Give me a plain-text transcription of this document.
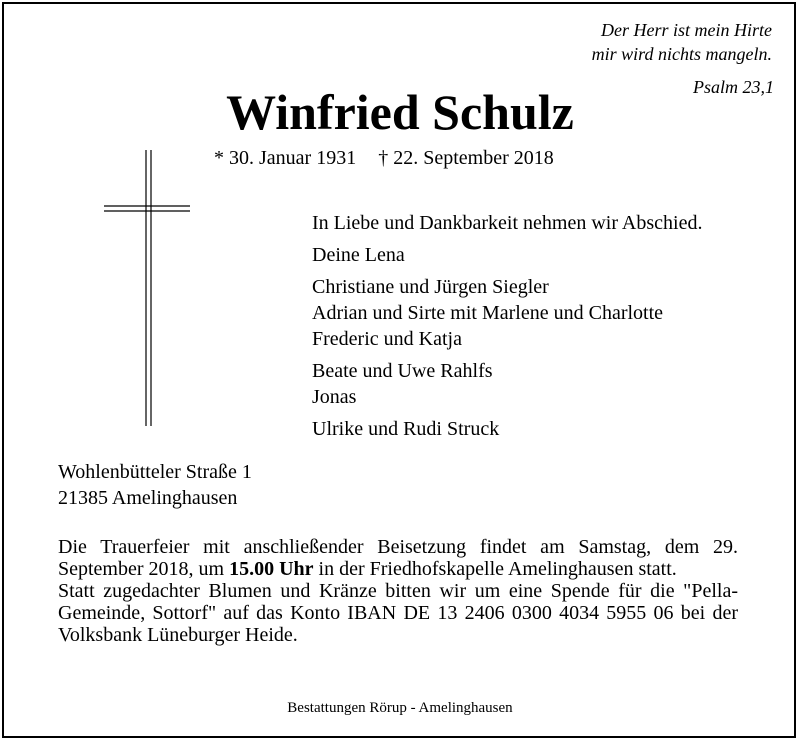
Der Herr ist mein Hirte
mir wird nichts mangeln.
Psalm 23,1
Winfried Schulz
* 30. Januar 1931 † 22. September 2018
In Liebe und Dankbarkeit nehmen wir Abschied.
Deine Lena
Christiane und Jürgen Siegler
Adrian und Sirte mit Marlene und Charlotte
Frederic und Katja
Beate und Uwe Rahlfs
Jonas
Ulrike und Rudi Struck
Wohlenbütteler Straße 1
21385 Amelinghausen

Die Trauerfeier mit anschließender Beisetzung findet am Samstag, dem 29. September 2018, um 15.00 Uhr in der Friedhofskapelle Amelinghausen statt.

Statt zugedachter Blumen und Kränze bitten wir um eine Spende für die "Pella-Gemeinde, Sottorf" auf das Konto IBAN DE 13 2406 0300 4034 5955 06 bei der Volksbank Lüneburger Heide.

Bestattungen Rörup - Amelinghausen
